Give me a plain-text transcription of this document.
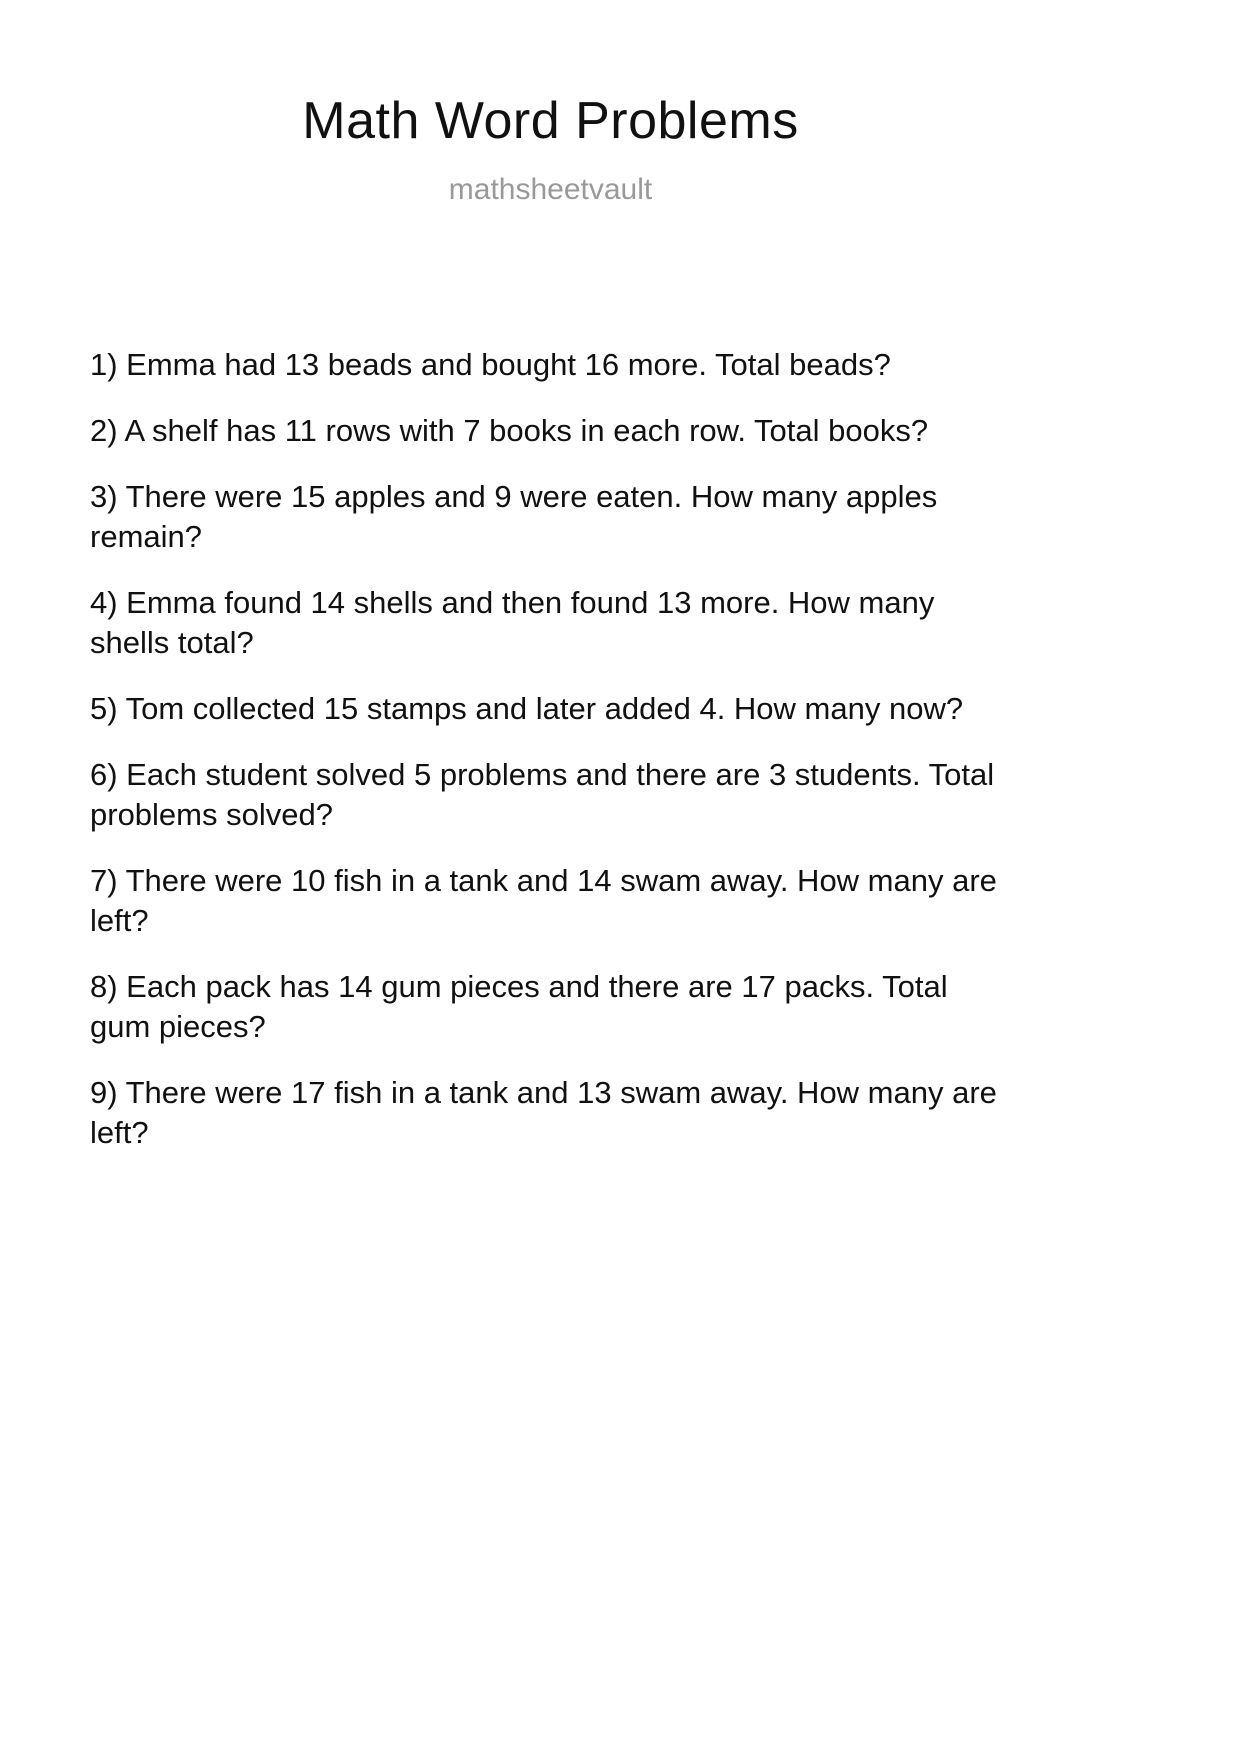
Math Word Problems
mathsheetvault

1) Emma had 13 beads and bought 16 more. Total beads?

2) A shelf has 11 rows with 7 books in each row. Total books?

3) There were 15 apples and 9 were eaten. How many apples remain?

4) Emma found 14 shells and then found 13 more. How many shells total?

5) Tom collected 15 stamps and later added 4. How many now?

6) Each student solved 5 problems and there are 3 students. Total problems solved?

7) There were 10 fish in a tank and 14 swam away. How many are left?

8) Each pack has 14 gum pieces and there are 17 packs. Total gum pieces?

9) There were 17 fish in a tank and 13 swam away. How many are left?
